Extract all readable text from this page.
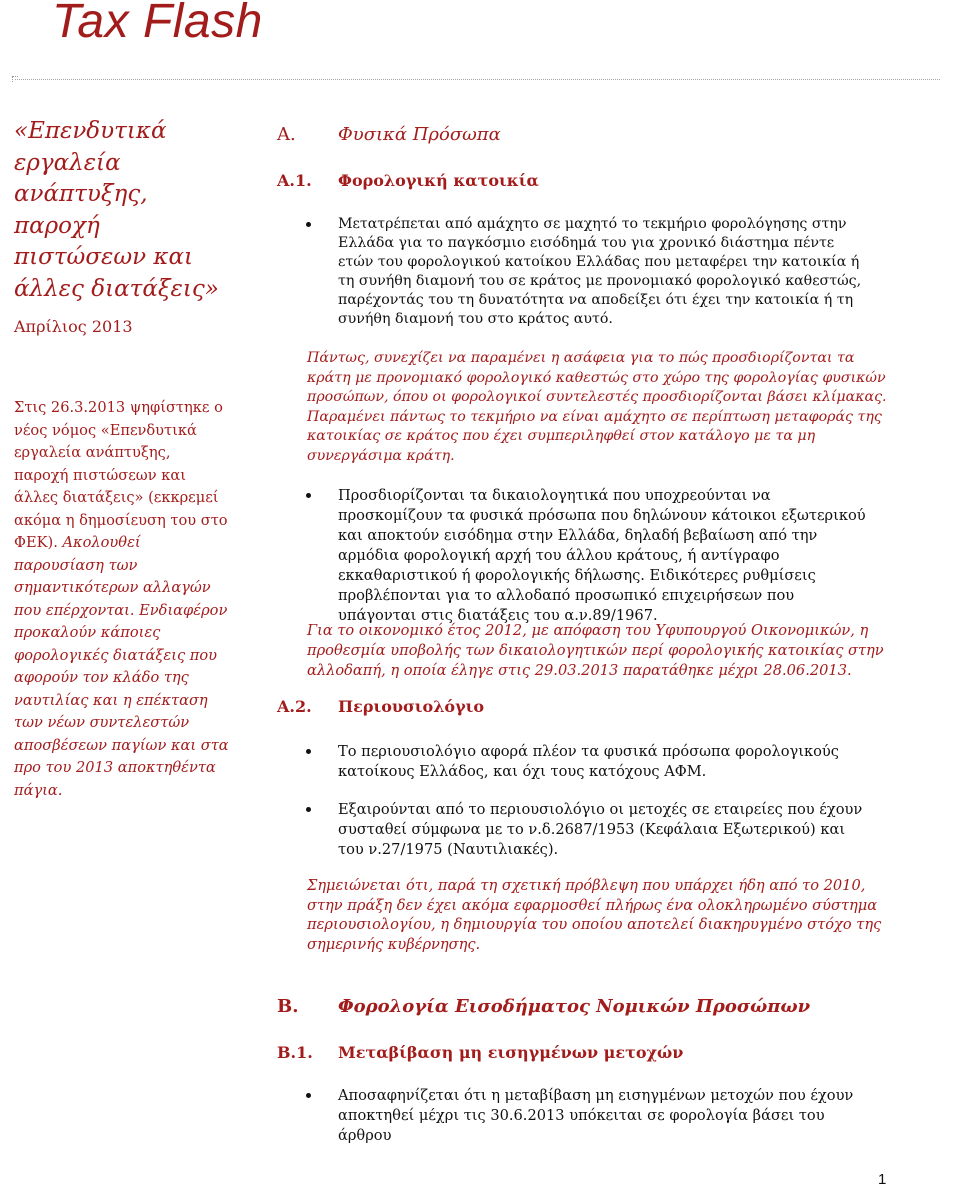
Tax Flash
«Επενδυτικά εργαλεία ανάπτυξης, παροχή πιστώσεων και άλλες διατάξεις»
Απρίλιος 2013
Στις 26.3.2013 ψηφίστηκε ο νέος νόμος «Επενδυτικά εργαλεία ανάπτυξης, παροχή πιστώσεων και άλλες διατάξεις» (εκκρεμεί ακόμα η δημοσίευση του στο ΦΕΚ). Ακολουθεί παρουσίαση των σημαντικότερων αλλαγών που επέρχονται. Ενδιαφέρον προκαλούν κάποιες φορολογικές διατάξεις που αφορούν τον κλάδο της ναυτιλίας και η επέκταση των νέων συντελεστών αποσβέσεων παγίων και στα προ του 2013 αποκτηθέντα πάγια.
Α. Φυσικά Πρόσωπα
Α.1. Φορολογική κατοικία
Μετατρέπεται από αμάχητο σε μαχητό το τεκμήριο φορολόγησης στην Ελλάδα για το παγκόσμιο εισόδημά του για χρονικό διάστημα πέντε ετών του φορολογικού κατοίκου Ελλάδας που μεταφέρει την κατοικία ή τη συνήθη διαμονή του σε κράτος με προνομιακό φορολογικό καθεστώς, παρέχοντάς του τη δυνατότητα να αποδείξει ότι έχει την κατοικία ή τη συνήθη διαμονή του στο κράτος αυτό.
Πάντως, συνεχίζει να παραμένει η ασάφεια για το πώς προσδιορίζονται τα κράτη με προνομιακό φορολογικό καθεστώς στο χώρο της φορολογίας φυσικών προσώπων, όπου οι φορολογικοί συντελεστές προσδιορίζονται βάσει κλίμακας. Παραμένει πάντως το τεκμήριο να είναι αμάχητο σε περίπτωση μεταφοράς της κατοικίας σε κράτος που έχει συμπεριληφθεί στον κατάλογο με τα μη συνεργάσιμα κράτη.
Προσδιορίζονται τα δικαιολογητικά που υποχρεούνται να προσκομίζουν τα φυσικά πρόσωπα που δηλώνουν κάτοικοι εξωτερικού και αποκτούν εισόδημα στην Ελλάδα, δηλαδή βεβαίωση από την αρμόδια φορολογική αρχή του άλλου κράτους, ή αντίγραφο εκκαθαριστικού ή φορολογικής δήλωσης. Ειδικότερες ρυθμίσεις προβλέπονται για το αλλοδαπό προσωπικό επιχειρήσεων που υπάγονται στις διατάξεις του α.ν.89/1967.
Για το οικονομικό έτος 2012, με απόφαση του Υφυπουργού Οικονομικών, η προθεσμία υποβολής των δικαιολογητικών περί φορολογικής κατοικίας στην αλλοδαπή, η οποία έληγε στις 29.03.2013 παρατάθηκε μέχρι 28.06.2013.
Α.2. Περιουσιολόγιο
Το περιουσιολόγιο αφορά πλέον τα φυσικά πρόσωπα φορολογικούς κατοίκους Ελλάδος, και όχι τους κατόχους ΑΦΜ.
Εξαιρούνται από το περιουσιολόγιο οι μετοχές σε εταιρείες που έχουν συσταθεί σύμφωνα με το ν.δ.2687/1953 (Κεφάλαια Εξωτερικού) και του ν.27/1975 (Ναυτιλιακές).
Σημειώνεται ότι, παρά τη σχετική πρόβλεψη που υπάρχει ήδη από το 2010, στην πράξη δεν έχει ακόμα εφαρμοσθεί πλήρως ένα ολοκληρωμένο σύστημα περιουσιολογίου, η δημιουργία του οποίου αποτελεί διακηρυγμένο στόχο της σημερινής κυβέρνησης.
Β. Φορολογία Εισοδήματος Νομικών Προσώπων
Β.1. Μεταβίβαση μη εισηγμένων μετοχών
Αποσαφηνίζεται ότι η μεταβίβαση μη εισηγμένων μετοχών που έχουν αποκτηθεί μέχρι τις 30.6.2013 υπόκειται σε φορολογία βάσει του άρθρου
1
